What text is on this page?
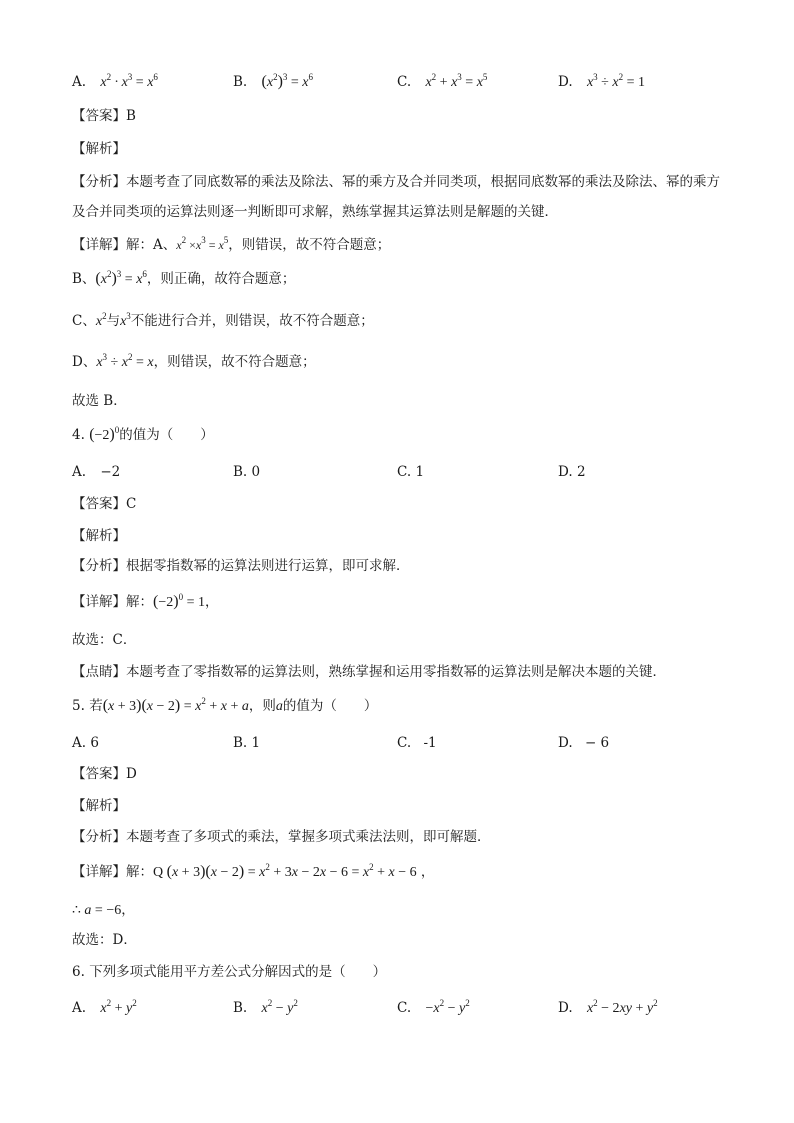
A. $x^2 \cdot x^3 = x^6$	B. $(x^2)^3 = x^6$	C. $x^2 + x^3 = x^5$	D. $x^3 \div x^2 = 1$
【答案】B
【解析】
【分析】本题考查了同底数幂的乘法及除法、幂的乘方及合并同类项，根据同底数幂的乘法及除法、幂的乘方及合并同类项的运算法则逐一判断即可求解，熟练掌握其运算法则是解题的关键．
【详解】解：A、$x^2 \times x^3 = x^5$，则错误，故不符合题意；
B、$(x^2)^3 = x^6$，则正确，故符合题意；
C、$x^2$与$x^3$不能进行合并，则错误，故不符合题意；
D、$x^3 \div x^2 = x$，则错误，故不符合题意；
故选 B．
4. $(-2)^0$的值为（　　）
A. −2	B. 0	C. 1	D. 2
【答案】C
【解析】
【分析】根据零指数幂的运算法则进行运算，即可求解．
【详解】解：$(-2)^0 = 1$，
故选：C．
【点睛】本题考查了零指数幂的运算法则，熟练掌握和运用零指数幂的运算法则是解决本题的关键．
5. 若$(x + 3)(x - 2) = x^2 + x + a$，则a的值为（　　）
A. 6	B. 1	C. -1	D. − 6
【答案】D
【解析】
【分析】本题考查了多项式的乘法，掌握多项式乘法法则，即可解题．
【详解】解：Q $(x + 3)(x - 2) = x^2 + 3x - 2x - 6 = x^2 + x - 6$ ，
∴ a = −6，
故选：D．
6. 下列多项式能用平方差公式分解因式的是（　　）
A. $x^2 + y^2$	B. $x^2 - y^2$	C. $-x^2 - y^2$	D. $x^2 - 2xy + y^2$
